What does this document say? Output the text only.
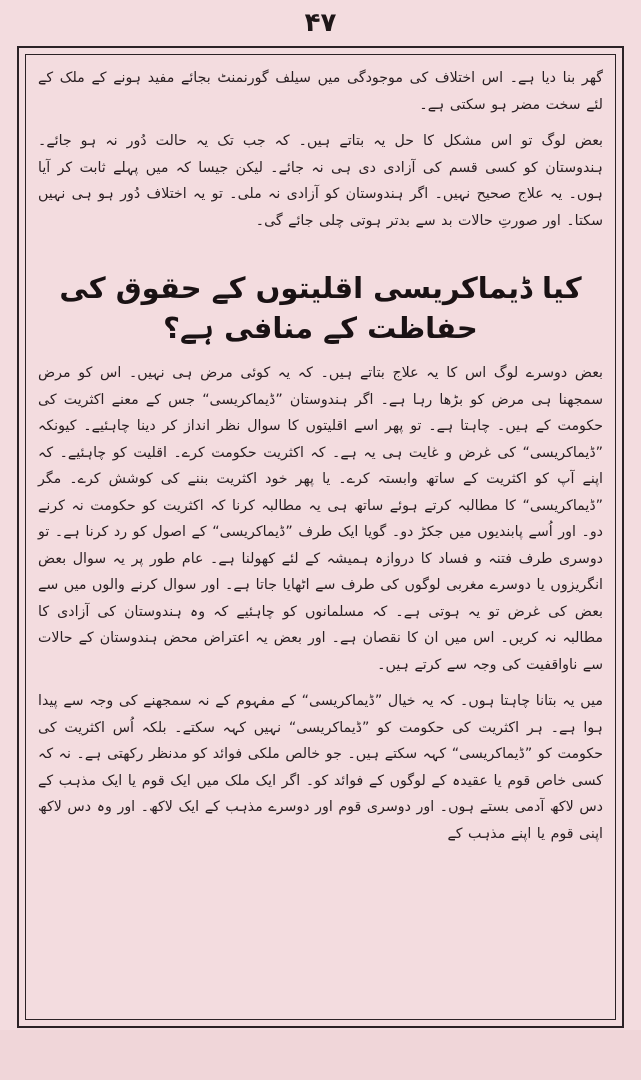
۴۷

گھر بنا دیا ہے۔ اس اختلاف کی موجودگی میں سیلف گورنمنٹ بجائے مفید ہونے کے ملک کے لئے سخت مضر ہو سکتی ہے۔

بعض لوگ تو اس مشکل کا حل یہ بتاتے ہیں۔ کہ جب تک یہ حالت دُور نہ ہو جائے۔ ہندوستان کو کسی قسم کی آزادی دی ہی نہ جائے۔ لیکن جیسا کہ میں پہلے ثابت کر آیا ہوں۔ یہ علاج صحیح نہیں۔ اگر ہندوستان کو آزادی نہ ملی۔ تو یہ اختلاف دُور ہو ہی نہیں سکتا۔ اور صورتِ حالات بد سے بدتر ہوتی چلی جائے گی۔

کیا ڈیماکریسی اقلیتوں کے حقوق کی حفاظت کے منافی ہے؟

بعض دوسرے لوگ اس کا یہ علاج بتاتے ہیں۔ کہ یہ کوئی مرض ہی نہیں۔ اس کو مرض سمجھنا ہی مرض کو بڑھا رہا ہے۔ اگر ہندوستان ”ڈیماکریسی“ جس کے معنے اکثریت کی حکومت کے ہیں۔ چاہتا ہے۔ تو پھر اسے اقلیتوں کا سوال نظر انداز کر دینا چاہئیے۔ کیونکہ ”ڈیماکریسی“ کی غرض و غایت ہی یہ ہے۔ کہ اکثریت حکومت کرے۔ اقلیت کو چاہئیے۔ کہ اپنے آپ کو اکثریت کے ساتھ وابستہ کرے۔ یا پھر خود اکثریت بننے کی کوشش کرے۔ مگر ”ڈیماکریسی“ کا مطالبہ کرتے ہوئے ساتھ ہی یہ مطالبہ کرنا کہ اکثریت کو حکومت نہ کرنے دو۔ اور اُسے پابندیوں میں جکڑ دو۔ گویا ایک طرف ”ڈیماکریسی“ کے اصول کو رد کرنا ہے۔ تو دوسری طرف فتنہ و فساد کا دروازہ ہمیشہ کے لئے کھولنا ہے۔ عام طور پر یہ سوال بعض انگریزوں یا دوسرے مغربی لوگوں کی طرف سے اٹھایا جاتا ہے۔ اور سوال کرنے والوں میں سے بعض کی غرض تو یہ ہوتی ہے۔ کہ مسلمانوں کو چاہئیے کہ وہ ہندوستان کی آزادی کا مطالبہ نہ کریں۔ اس میں ان کا نقصان ہے۔ اور بعض یہ اعتراض محض ہندوستان کے حالات سے ناواقفیت کی وجہ سے کرتے ہیں۔

میں یہ بتانا چاہتا ہوں۔ کہ یہ خیال ”ڈیماکریسی“ کے مفہوم کے نہ سمجھنے کی وجہ سے پیدا ہوا ہے۔ ہر اکثریت کی حکومت کو ”ڈیماکریسی“ نہیں کہہ سکتے۔ بلکہ اُس اکثریت کی حکومت کو ”ڈیماکریسی“ کہہ سکتے ہیں۔ جو خالص ملکی فوائد کو مدنظر رکھتی ہے۔ نہ کہ کسی خاص قوم یا عقیدہ کے لوگوں کے فوائد کو۔ اگر ایک ملک میں ایک قوم یا ایک مذہب کے دس لاکھ آدمی بستے ہوں۔ اور دوسری قوم اور دوسرے مذہب کے ایک لاکھ۔ اور وہ دس لاکھ اپنی قوم یا اپنے مذہب کے
